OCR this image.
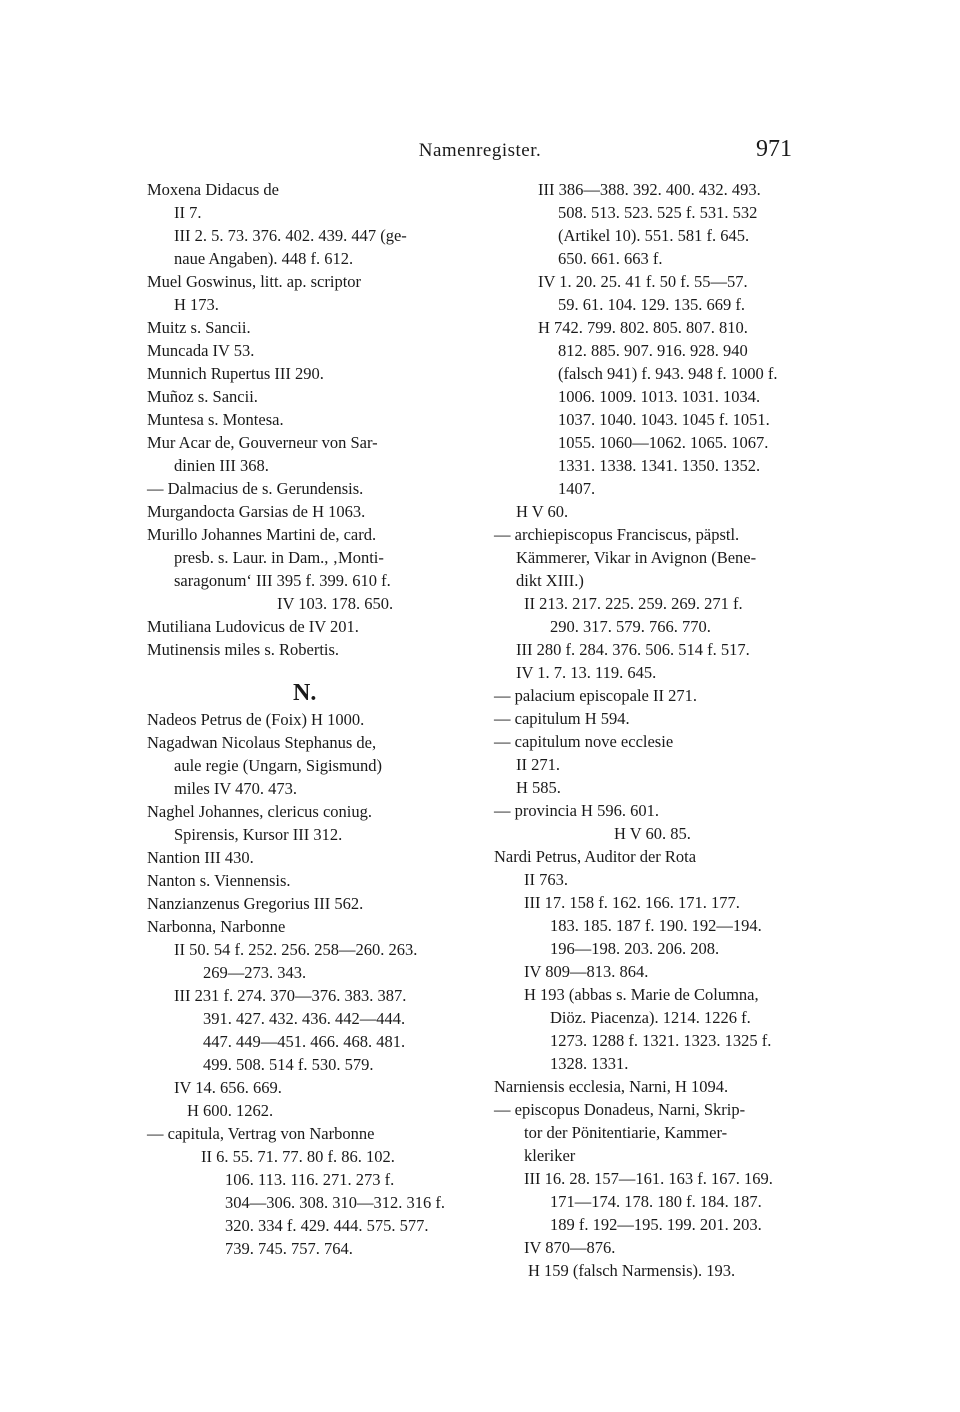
Namenregister.	971
Moxena Didacus de
II 7.
III 2. 5. 73. 376. 402. 439. 447 (ge-
naue Angaben). 448 f. 612.
Muel Goswinus, litt. ap. scriptor
H 173.
Muitz s. Sancii.
Muncada IV 53.
Munnich Rupertus III 290.
Muñoz s. Sancii.
Muntesa s. Montesa.
Mur Acar de, Gouverneur von Sar-
dinien III 368.
— Dalmacius de s. Gerundensis.
Murgandocta Garsias de H 1063.
Murillo Johannes Martini de, card.
presb. s. Laur. in Dam., ‚Monti-
saragonum‘ III 395 f. 399. 610 f.
IV 103. 178. 650.
Mutiliana Ludovicus de IV 201.
Mutinensis miles s. Robertis.
N.
Nadeos Petrus de (Foix) H 1000.
Nagadwan Nicolaus Stephanus de,
aule regie (Ungarn, Sigismund)
miles IV 470. 473.
Naghel Johannes, clericus coniug.
Spirensis, Kursor III 312.
Nantion III 430.
Nanton s. Viennensis.
Nanzianzenus Gregorius III 562.
Narbonna, Narbonne
II 50. 54 f. 252. 256. 258—260. 263.
269—273. 343.
III 231 f. 274. 370—376. 383. 387.
391. 427. 432. 436. 442—444.
447. 449—451. 466. 468. 481.
499. 508. 514 f. 530. 579.
IV 14. 656. 669.
H 600. 1262.
— capitula, Vertrag von Narbonne
II 6. 55. 71. 77. 80 f. 86. 102.
106. 113. 116. 271. 273 f.
304—306. 308. 310—312. 316 f.
320. 334 f. 429. 444. 575. 577.
739. 745. 757. 764.
III 386—388. 392. 400. 432. 493.
508. 513. 523. 525 f. 531. 532
(Artikel 10). 551. 581 f. 645.
650. 661. 663 f.
IV 1. 20. 25. 41 f. 50 f. 55—57.
59. 61. 104. 129. 135. 669 f.
H 742. 799. 802. 805. 807. 810.
812. 885. 907. 916. 928. 940
(falsch 941) f. 943. 948 f. 1000 f.
1006. 1009. 1013. 1031. 1034.
1037. 1040. 1043. 1045 f. 1051.
1055. 1060—1062. 1065. 1067.
1331. 1338. 1341. 1350. 1352.
1407.
H V 60.
— archiepiscopus Franciscus, päpstl.
Kämmerer, Vikar in Avignon (Bene-
dikt XIII.)
II 213. 217. 225. 259. 269. 271 f.
290. 317. 579. 766. 770.
III 280 f. 284. 376. 506. 514 f. 517.
IV 1. 7. 13. 119. 645.
— palacium episcopale II 271.
— capitulum H 594.
— capitulum nove ecclesie
II 271.
H 585.
— provincia H 596. 601.
H V 60. 85.
Nardi Petrus, Auditor der Rota
II 763.
III 17. 158 f. 162. 166. 171. 177.
183. 185. 187 f. 190. 192—194.
196—198. 203. 206. 208.
IV 809—813. 864.
H 193 (abbas s. Marie de Columna,
Diöz. Piacenza). 1214. 1226 f.
1273. 1288 f. 1321. 1323. 1325 f.
1328. 1331.
Narniensis ecclesia, Narni, H 1094.
— episcopus Donadeus, Narni, Skrip-
tor der Pönitentiarie, Kammer-
kleriker
III 16. 28. 157—161. 163 f. 167. 169.
171—174. 178. 180 f. 184. 187.
189 f. 192—195. 199. 201. 203.
IV 870—876.
H 159 (falsch Narmensis). 193.
